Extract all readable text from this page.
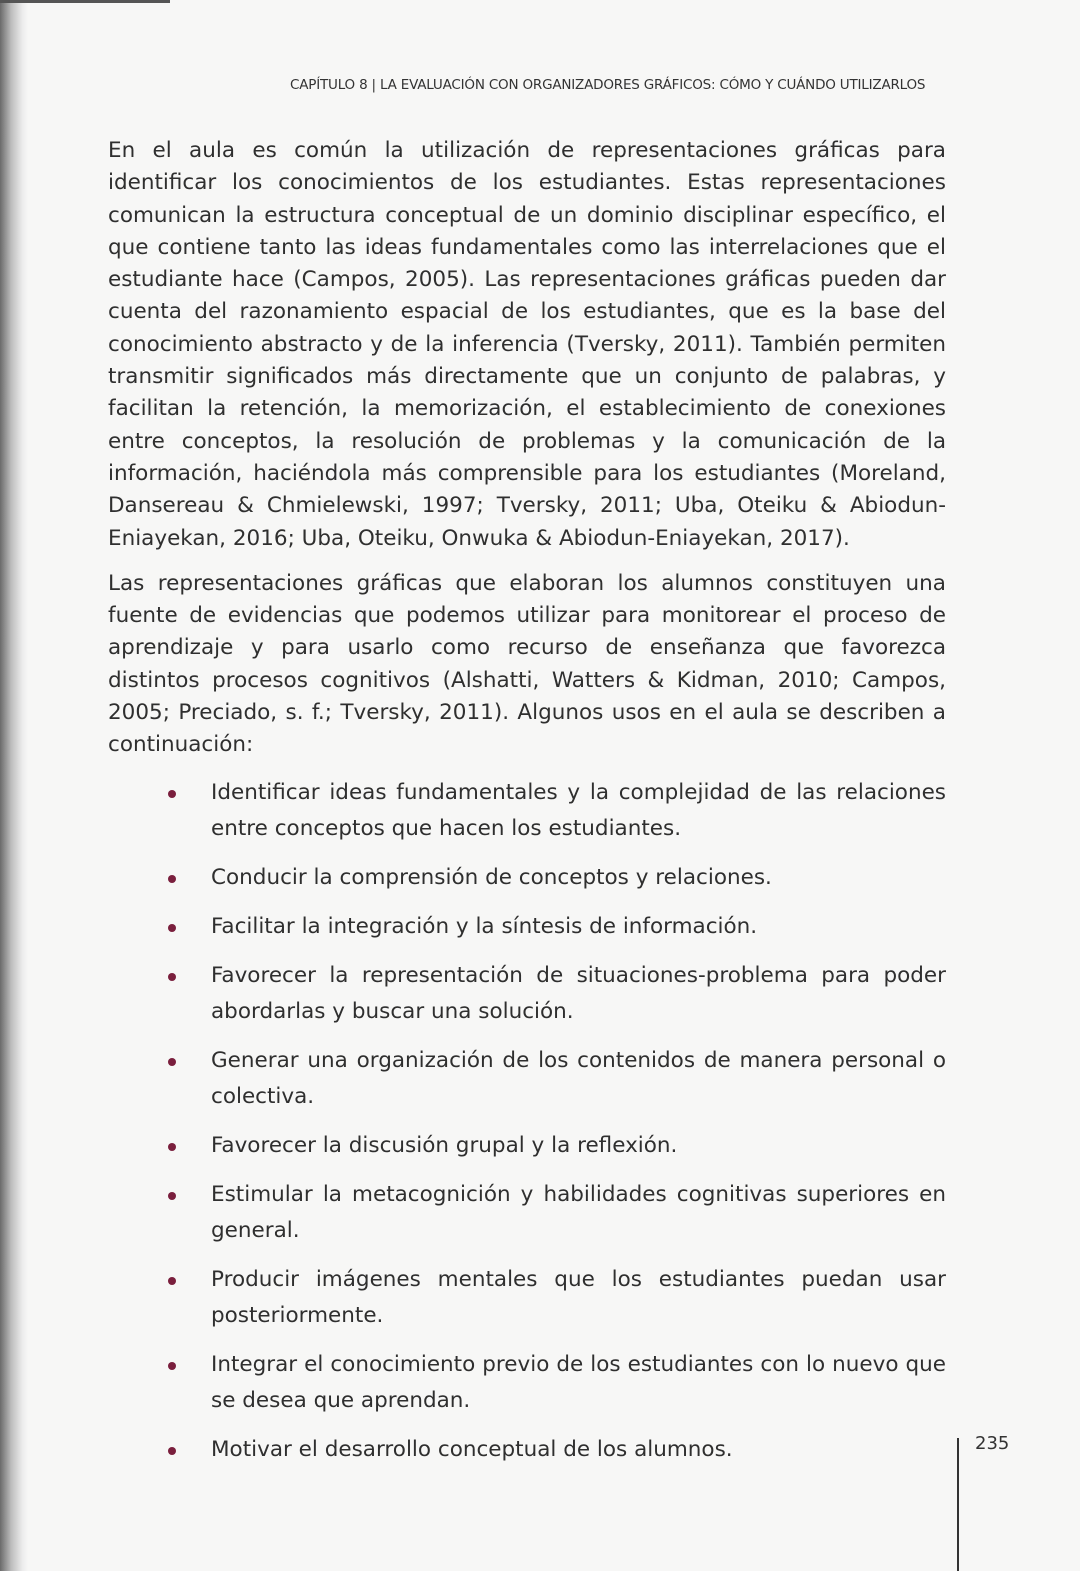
CAPÍTULO 8 | LA EVALUACIÓN CON ORGANIZADORES GRÁFICOS: CÓMO Y CUÁNDO UTILIZARLOS

En el aula es común la utilización de representaciones gráficas para identificar los conocimientos de los estudiantes. Estas representaciones comunican la estructura conceptual de un dominio disciplinar específico, el que contiene tanto las ideas fundamentales como las interrelaciones que el estudiante hace (Campos, 2005). Las representaciones gráficas pueden dar cuenta del razonamiento espacial de los estudiantes, que es la base del conocimiento abstracto y de la inferencia (Tversky, 2011). También permiten transmitir significados más directamente que un conjunto de palabras, y facilitan la retención, la memorización, el establecimiento de conexiones entre conceptos, la resolución de problemas y la comunicación de la información, haciéndola más comprensible para los estudiantes (Moreland, Dansereau & Chmielewski, 1997; Tversky, 2011; Uba, Oteiku & Abiodun-Eniayekan, 2016; Uba, Oteiku, Onwuka & Abiodun-Eniayekan, 2017).

Las representaciones gráficas que elaboran los alumnos constituyen una fuente de evidencias que podemos utilizar para monitorear el proceso de aprendizaje y para usarlo como recurso de enseñanza que favorezca distintos procesos cognitivos (Alshatti, Watters & Kidman, 2010; Campos, 2005; Preciado, s. f.; Tversky, 2011). Algunos usos en el aula se describen a continuación:

Identificar ideas fundamentales y la complejidad de las relaciones entre conceptos que hacen los estudiantes.
Conducir la comprensión de conceptos y relaciones.
Facilitar la integración y la síntesis de información.
Favorecer la representación de situaciones-problema para poder abordarlas y buscar una solución.
Generar una organización de los contenidos de manera personal o colectiva.
Favorecer la discusión grupal y la reflexión.
Estimular la metacognición y habilidades cognitivas superiores en general.
Producir imágenes mentales que los estudiantes puedan usar posteriormente.
Integrar el conocimiento previo de los estudiantes con lo nuevo que se desea que aprendan.
Motivar el desarrollo conceptual de los alumnos.	235
